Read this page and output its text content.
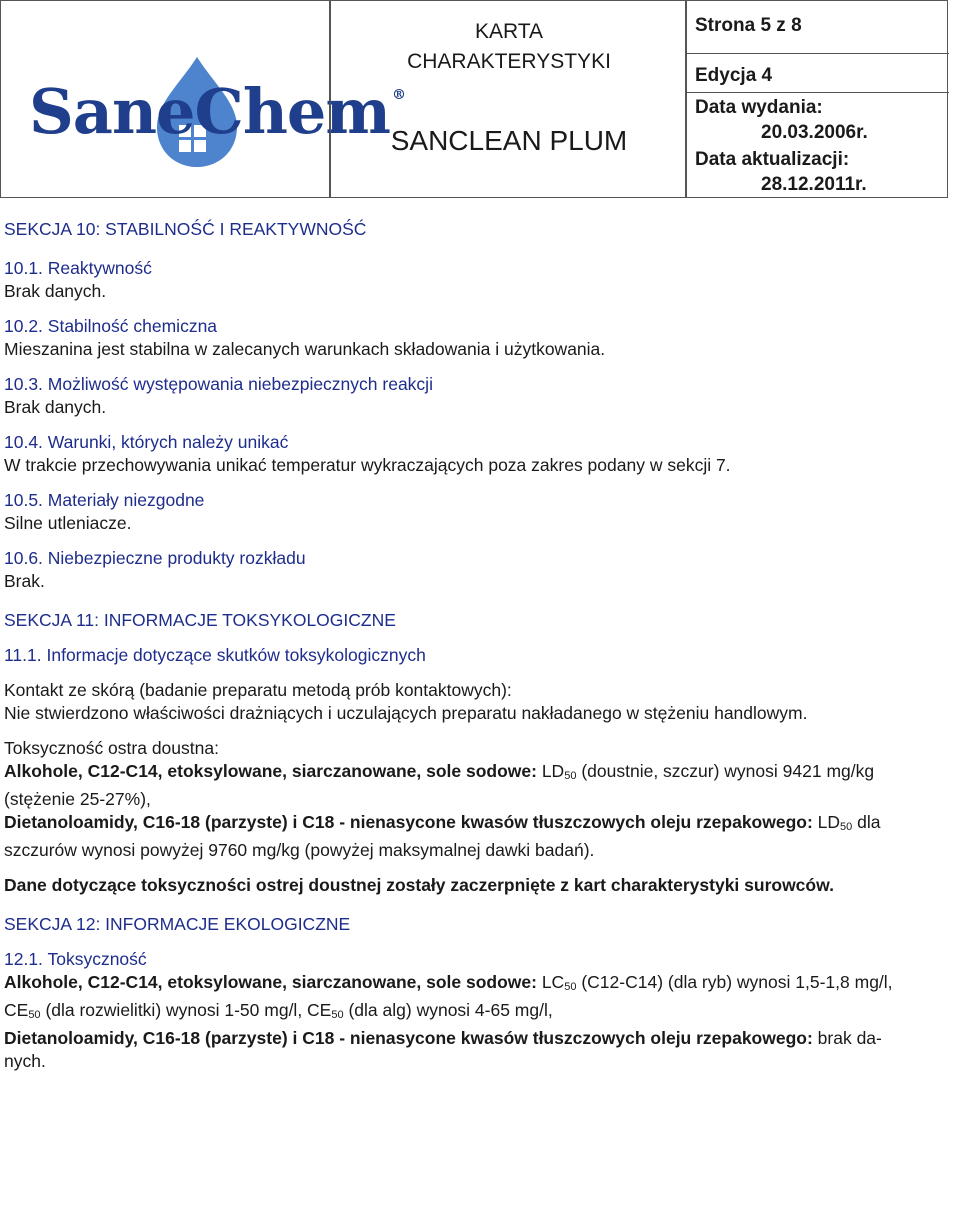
SaneChem ®
KARTA
CHARAKTERYSTYKI
SANCLEAN PLUM
Strona 5 z 8
Edycja 4
Data wydania:
20.03.2006r.
Data aktualizacji:
28.12.2011r.

SEKCJA 10: STABILNOŚĆ I REAKTYWNOŚĆ

10.1. Reaktywność

Brak danych.

10.2. Stabilność chemiczna

Mieszanina jest stabilna w zalecanych warunkach składowania i użytkowania.

10.3. Możliwość występowania niebezpiecznych reakcji

Brak danych.

10.4. Warunki, których należy unikać

W trakcie przechowywania unikać temperatur wykraczających poza zakres podany w sekcji 7.

10.5. Materiały niezgodne

Silne utleniacze.

10.6. Niebezpieczne produkty rozkładu

Brak.

SEKCJA 11: INFORMACJE TOKSYKOLOGICZNE

11.1. Informacje dotyczące skutków toksykologicznych

Kontakt ze skórą (badanie preparatu metodą prób kontaktowych):

Nie stwierdzono właściwości drażniących i uczulających preparatu nakładanego w stężeniu handlowym.

Toksyczność ostra doustna:

Alkohole, C12-C14, etoksylowane, siarczanowane, sole sodowe: $LD_{50}$ (doustnie, szczur) wynosi 9421 mg/kg

(stężenie 25-27%),

Dietanoloamidy, C16-18 (parzyste) i C18 - nienasycone kwasów tłuszczowych oleju rzepakowego: $LD_{50}$ dla

szczurów wynosi powyżej 9760 mg/kg (powyżej maksymalnej dawki badań).

Dane dotyczące toksyczności ostrej doustnej zostały zaczerpnięte z kart charakterystyki surowców.

SEKCJA 12: INFORMACJE EKOLOGICZNE

12.1. Toksyczność

Alkohole, C12-C14, etoksylowane, siarczanowane, sole sodowe: $LC_{50}$ (C12-C14) (dla ryb) wynosi 1,5-1,8 mg/l,

$CE_{50}$ (dla rozwielitki) wynosi 1-50 mg/l, $CE_{50}$ (dla alg) wynosi 4-65 mg/l,

Dietanoloamidy, C16-18 (parzyste) i C18 - nienasycone kwasów tłuszczowych oleju rzepakowego: brak da-

nych.
